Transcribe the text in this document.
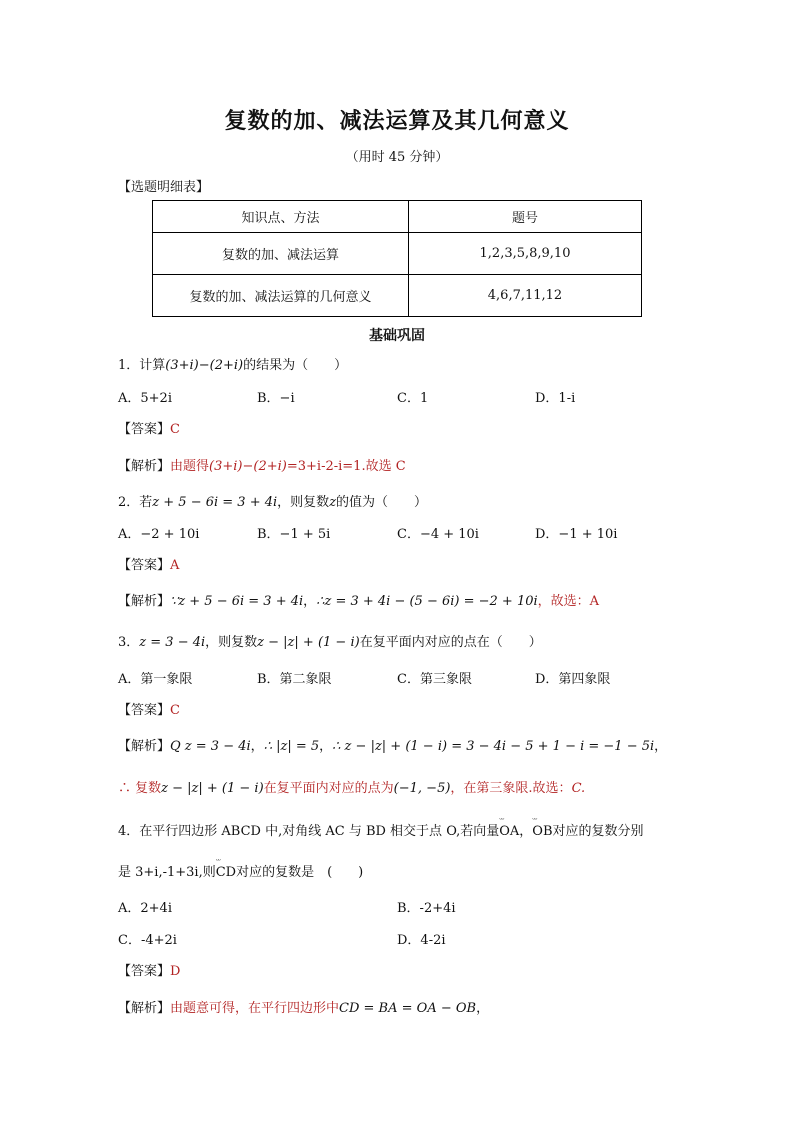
复数的加、减法运算及其几何意义
（用时 45 分钟）
【选题明细表】
知识点、方法	题号
复数的加、减法运算	1,2,3,5,8,9,10
复数的加、减法运算的几何意义	4,6,7,11,12
基础巩固
1．计算(3+i)−(2+i)的结果为（　　）
A．5+2i	B．−i	C．1	D．1-i
【答案】C
【解析】由题得(3+i)−(2+i)=3+i-2-i=1.故选 C
2．若z + 5 − 6i = 3 + 4i，则复数z的值为（　　）
A．−2 + 10i	B．−1 + 5i	C．−4 + 10i	D．−1 + 10i
【答案】A
【解析】∵z + 5 − 6i = 3 + 4i，∴z = 3 + 4i − (5 − 6i) = −2 + 10i，故选：A
3．z = 3 − 4i，则复数z − |z| + (1 − i)在复平面内对应的点在（　　）
A．第一象限	B．第二象限	C．第三象限	D．第四象限
【答案】C
【解析】Q z = 3 − 4i，∴ |z| = 5，∴ z − |z| + (1 − i) = 3 − 4i − 5 + 1 − i = −1 − 5i，
∴ 复数z − |z| + (1 − i)在复平面内对应的点为(−1, −5)，在第三象限.故选：C.
4．在平行四边形 ABCD 中,对角线 AC 与 BD 相交于点 O,若向量ᵕᵕ OA，ᵕᵕ OB对应的复数分别
是 3+i,-1+3i,则ᵕᵕ CD对应的复数是　(　　)
A．2+4i	B．-2+4i
C．-4+2i	D．4-2i
【答案】D
【解析】由题意可得，在平行四边形中CD = BA = OA − OB，
